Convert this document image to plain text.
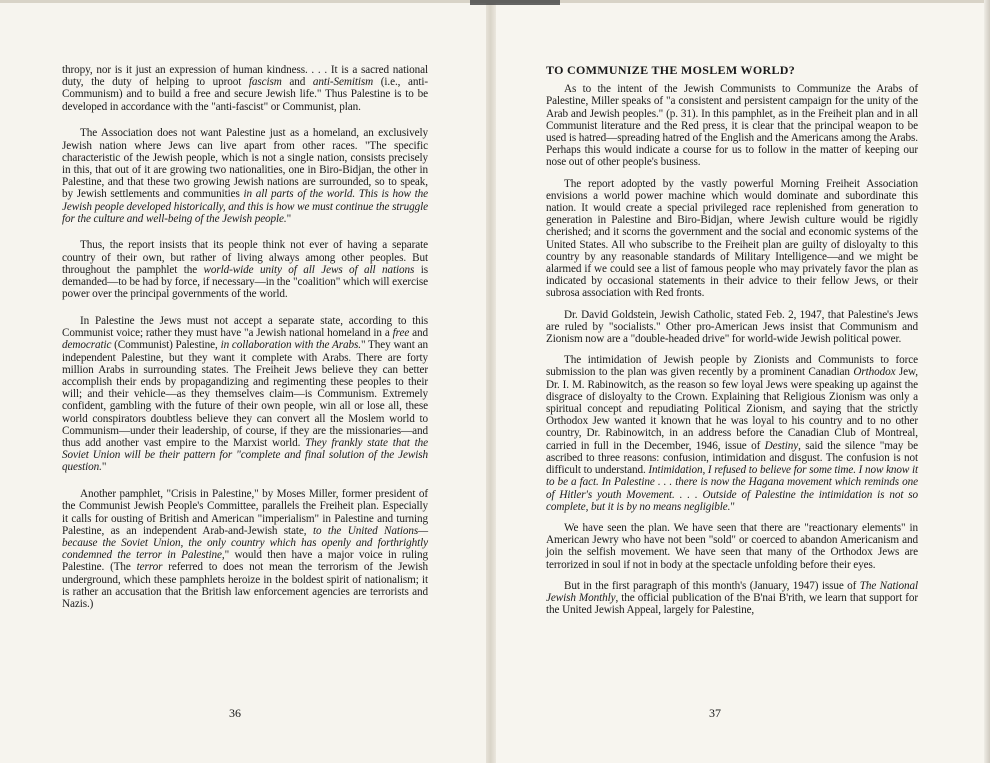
thropy, nor is it just an expression of human kindness. . . . It is a sacred national duty, the duty of helping to uproot fascism and anti-Semitism (i.e., anti-Communism) and to build a free and secure Jewish life." Thus Palestine is to be developed in accordance with the "anti-fascist" or Communist, plan.

The Association does not want Palestine just as a homeland, an exclusively Jewish nation where Jews can live apart from other races. "The specific characteristic of the Jewish people, which is not a single nation, consists precisely in this, that out of it are growing two nationalities, one in Biro-Bidjan, the other in Palestine, and that these two growing Jewish nations are surrounded, so to speak, by Jewish settlements and communities in all parts of the world. This is how the Jewish people developed historically, and this is how we must continue the struggle for the culture and well-being of the Jewish people."

Thus, the report insists that its people think not ever of having a separate country of their own, but rather of living always among other peoples. But throughout the pamphlet the world-wide unity of all Jews of all nations is demanded—to be had by force, if necessary—in the "coalition" which will exercise power over the principal governments of the world.

In Palestine the Jews must not accept a separate state, according to this Communist voice; rather they must have "a Jewish national homeland in a free and democratic (Communist) Palestine, in collaboration with the Arabs." They want an independent Palestine, but they want it complete with Arabs. There are forty million Arabs in surrounding states. The Freiheit Jews believe they can better accomplish their ends by propagandizing and regimenting these peoples to their will; and their vehicle—as they themselves claim—is Communism. Extremely confident, gambling with the future of their own people, win all or lose all, these world conspirators doubtless believe they can convert all the Moslem world to Communism—under their leadership, of course, if they are the missionaries—and thus add another vast empire to the Marxist world. They frankly state that the Soviet Union will be their pattern for "complete and final solution of the Jewish question."

Another pamphlet, "Crisis in Palestine," by Moses Miller, former president of the Communist Jewish People's Committee, parallels the Freiheit plan. Especially it calls for ousting of British and American "imperialism" in Palestine and turning Palestine, as an independent Arab-and-Jewish state, to the United Nations—because the Soviet Union, the only country which has openly and forthrightly condemned the terror in Palestine," would then have a major voice in ruling Palestine. (The terror referred to does not mean the terrorism of the Jewish underground, which these pamphlets heroize in the boldest spirit of nationalism; it is rather an accusation that the British law enforcement agencies are terrorists and Nazis.)

36
TO COMMUNIZE THE MOSLEM WORLD?

As to the intent of the Jewish Communists to Communize the Arabs of Palestine, Miller speaks of "a consistent and persistent campaign for the unity of the Arab and Jewish peoples." (p. 31). In this pamphlet, as in the Freiheit plan and in all Communist literature and the Red press, it is clear that the principal weapon to be used is hatred—spreading hatred of the English and the Americans among the Arabs. Perhaps this would indicate a course for us to follow in the matter of keeping our nose out of other people's business.

The report adopted by the vastly powerful Morning Freiheit Association envisions a world power machine which would dominate and subordinate this nation. It would create a special privileged race replenished from generation to generation in Palestine and Biro-Bidjan, where Jewish culture would be rigidly cherished; and it scorns the government and the social and economic systems of the United States. All who subscribe to the Freiheit plan are guilty of disloyalty to this country by any reasonable standards of Military Intelligence—and we might be alarmed if we could see a list of famous people who may privately favor the plan as indicated by occasional statements in their advice to their fellow Jews, or their subrosa association with Red fronts.

Dr. David Goldstein, Jewish Catholic, stated Feb. 2, 1947, that Palestine's Jews are ruled by "socialists." Other pro-American Jews insist that Communism and Zionism now are a "double-headed drive" for world-wide Jewish political power.

The intimidation of Jewish people by Zionists and Communists to force submission to the plan was given recently by a prominent Canadian Orthodox Jew, Dr. I. M. Rabinowitch, as the reason so few loyal Jews were speaking up against the disgrace of disloyalty to the Crown. Explaining that Religious Zionism was only a spiritual concept and repudiating Political Zionism, and saying that the strictly Orthodox Jew wanted it known that he was loyal to his country and to no other country, Dr. Rabinowitch, in an address before the Canadian Club of Montreal, carried in full in the December, 1946, issue of Destiny, said the silence "may be ascribed to three reasons: confusion, intimidation and disgust. The confusion is not difficult to understand. Intimidation, I refused to believe for some time. I now know it to be a fact. In Palestine . . . there is now the Hagana movement which reminds one of Hitler's youth Movement. . . . Outside of Palestine the intimidation is not so complete, but it is by no means negligible."

We have seen the plan. We have seen that there are "reactionary elements" in American Jewry who have not been "sold" or coerced to abandon Americanism and join the selfish movement. We have seen that many of the Orthodox Jews are terrorized in soul if not in body at the spectacle unfolding before their eyes.

But in the first paragraph of this month's (January, 1947) issue of The National Jewish Monthly, the official publication of the B'nai B'rith, we learn that support for the United Jewish Appeal, largely for Palestine,

37
